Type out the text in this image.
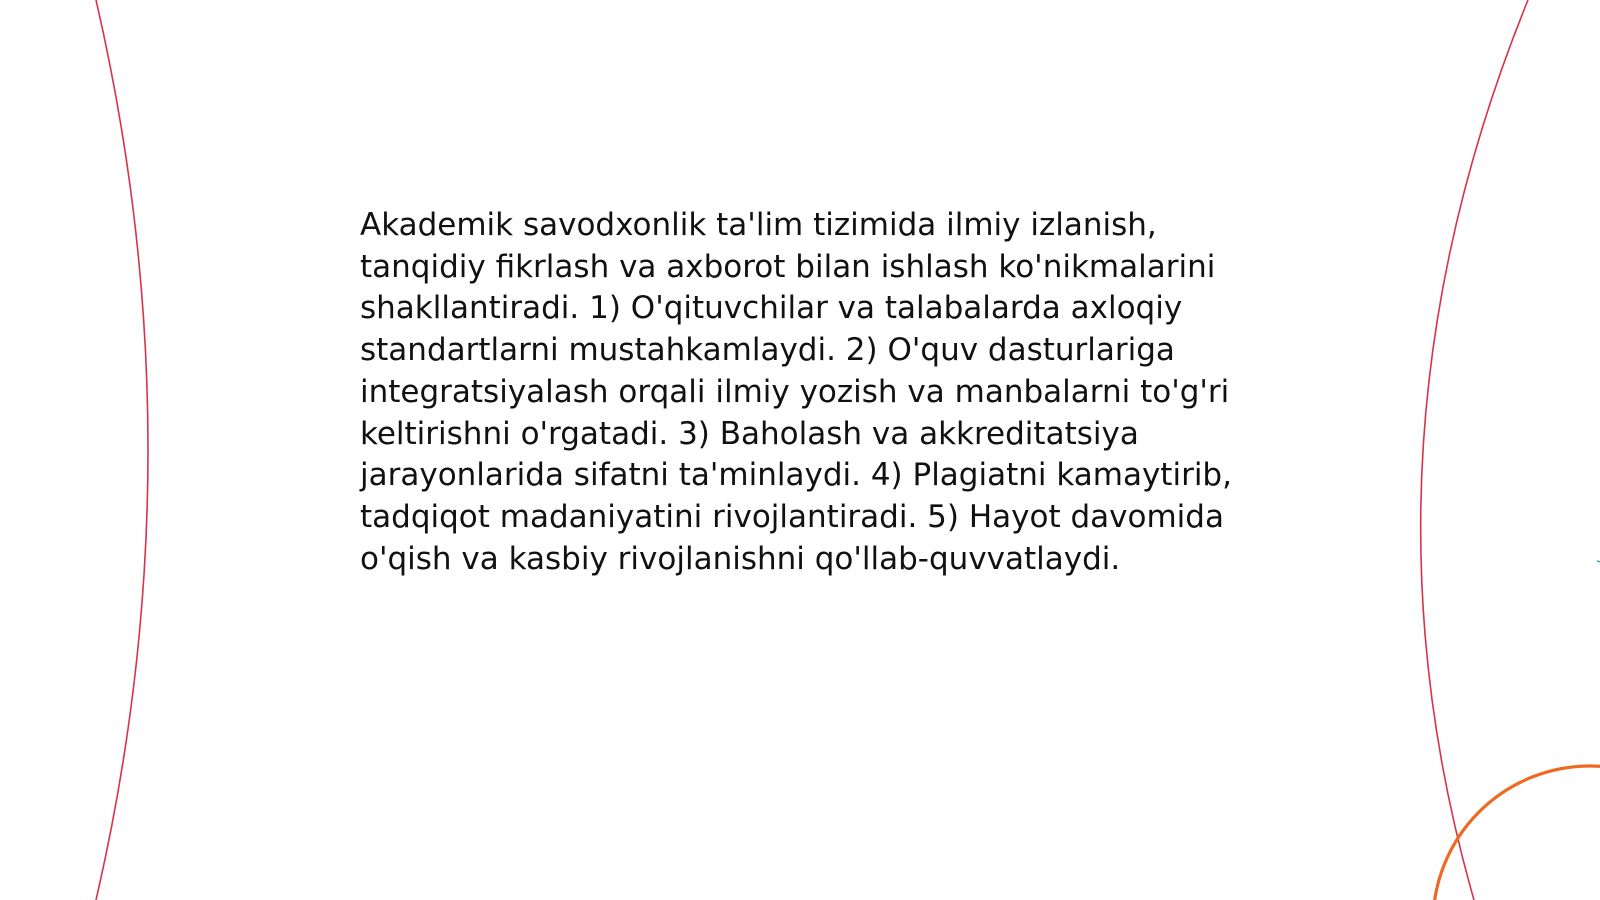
Akademik savodxonlik ta'lim tizimida ilmiy izlanish, tanqidiy fikrlash va axborot bilan ishlash ko'nikmalarini shakllantiradi. 1) O'qituvchilar va talabalarda axloqiy standartlarni mustahkamlaydi. 2) O'quv dasturlariga integratsiyalash orqali ilmiy yozish va manbalarni to'g'ri keltirishni o'rgatadi. 3) Baholash va akkreditatsiya jarayonlarida sifatni ta'minlaydi. 4) Plagiatni kamaytirib, tadqiqot madaniyatini rivojlantiradi. 5) Hayot davomida o'qish va kasbiy rivojlanishni qo'llab-quvvatlaydi.
